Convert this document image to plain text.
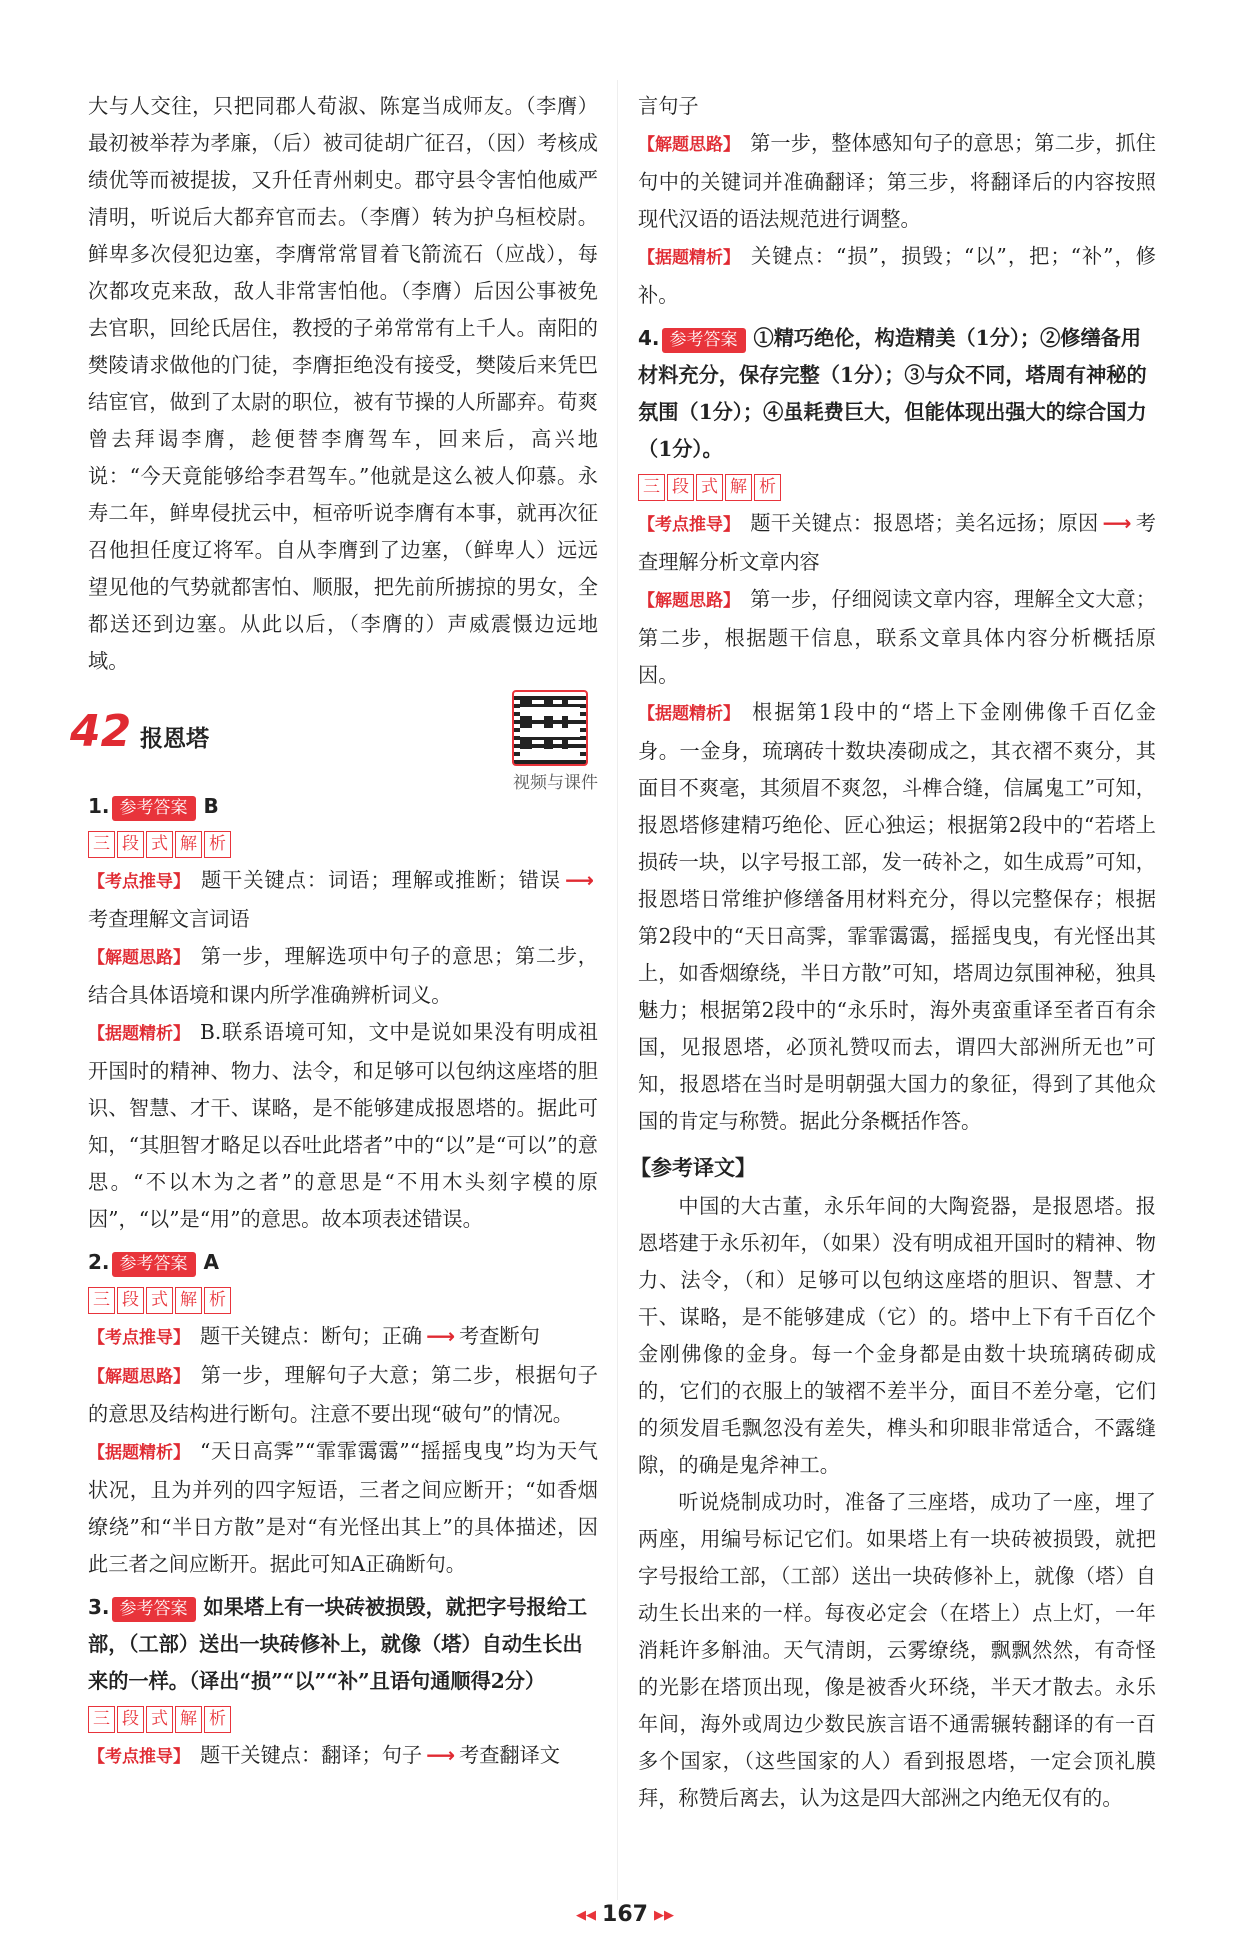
大与人交往，只把同郡人荀淑、陈寔当成师友。（李膺）最初被举荐为孝廉，（后）被司徒胡广征召，（因）考核成绩优等而被提拔，又升任青州刺史。郡守县令害怕他威严清明，听说后大都弃官而去。（李膺）转为护乌桓校尉。鲜卑多次侵犯边塞，李膺常常冒着飞箭流石（应战），每次都攻克来敌，敌人非常害怕他。（李膺）后因公事被免去官职，回纶氏居住，教授的子弟常常有上千人。南阳的樊陵请求做他的门徒，李膺拒绝没有接受，樊陵后来凭巴结宦官，做到了太尉的职位，被有节操的人所鄙弃。荀爽曾去拜谒李膺，趁便替李膺驾车，回来后，高兴地说：“今天竟能够给李君驾车。”他就是这么被人仰慕。永寿二年，鲜卑侵扰云中，桓帝听说李膺有本事，就再次征召他担任度辽将军。自从李膺到了边塞，（鲜卑人）远远望见他的气势就都害怕、顺服，把先前所掳掠的男女，全都送还到边塞。从此以后，（李膺的）声威震慑边远地域。

42 报恩塔
视频与课件
1. 参考答案 B
三 段 式 解 析
【 考点推导 】 题干关键点：词语；理解或推断；错误 ⟶考查理解文言词语
【 解题思路 】 第一步，理解选项中句子的意思；第二步，结合具体语境和课内所学准确辨析词义。
【 据题精析 】 B.联系语境可知，文中是说如果没有明成祖开国时的精神、物力、法令，和足够可以包纳这座塔的胆识、智慧、才干、谋略，是不能够建成报恩塔的。据此可知，“其胆智才略足以吞吐此塔者”中的“以”是“可以”的意思。“不以木为之者”的意思是“不用木头刻字模的原因”，“以”是“用”的意思。故本项表述错误。
2. 参考答案 A
三 段 式 解 析
【 考点推导 】 题干关键点：断句；正确 ⟶ 考查断句
【 解题思路 】 第一步，理解句子大意；第二步，根据句子的意思及结构进行断句。注意不要出现“破句”的情况。
【 据题精析 】 “天日高霁”“霏霏霭霭”“摇摇曳曳”均为天气状况，且为并列的四字短语，三者之间应断开；“如香烟缭绕”和“半日方散”是对“有光怪出其上”的具体描述，因此三者之间应断开。据此可知A正确断句。
3. 参考答案 如果塔上有一块砖被损毁，就把字号报给工部，（工部）送出一块砖修补上，就像（塔）自动生长出来的一样。（译出“损”“以”“补”且语句通顺得2分）
三 段 式 解 析
【 考点推导 】 题干关键点：翻译；句子 ⟶ 考查翻译文

言句子

【 解题思路 】 第一步，整体感知句子的意思；第二步，抓住句中的关键词并准确翻译；第三步，将翻译后的内容按照现代汉语的语法规范进行调整。
【 据题精析 】 关键点：“损”，损毁；“以”，把；“补”，修补。
4. 参考答案 ①精巧绝伦，构造精美（1分）；②修缮备用材料充分，保存完整（1分）；③与众不同，塔周有神秘的氛围（1分）；④虽耗费巨大，但能体现出强大的综合国力（1分）。
三 段 式 解 析
【 考点推导 】 题干关键点：报恩塔；美名远扬；原因 ⟶ 考查理解分析文章内容
【 解题思路 】 第一步，仔细阅读文章内容，理解全文大意；第二步，根据题干信息，联系文章具体内容分析概括原因。
【 据题精析 】 根据第1段中的“塔上下金刚佛像千百亿金身。一金身，琉璃砖十数块凑砌成之，其衣褶不爽分，其面目不爽毫，其须眉不爽忽，斗榫合缝，信属鬼工”可知，报恩塔修建精巧绝伦、匠心独运；根据第2段中的“若塔上损砖一块，以字号报工部，发一砖补之，如生成焉”可知，报恩塔日常维护修缮备用材料充分，得以完整保存；根据第2段中的“天日高霁，霏霏霭霭，摇摇曳曳，有光怪出其上，如香烟缭绕，半日方散”可知，塔周边氛围神秘，独具魅力；根据第2段中的“永乐时，海外夷蛮重译至者百有余国，见报恩塔，必顶礼赞叹而去，谓四大部洲所无也”可知，报恩塔在当时是明朝强大国力的象征，得到了其他众国的肯定与称赞。据此分条概括作答。
【参考译文】

中国的大古董，永乐年间的大陶瓷器，是报恩塔。报恩塔建于永乐初年，（如果）没有明成祖开国时的精神、物力、法令，（和）足够可以包纳这座塔的胆识、智慧、才干、谋略，是不能够建成（它）的。塔中上下有千百亿个金刚佛像的金身。每一个金身都是由数十块琉璃砖砌成的，它们的衣服上的皱褶不差半分，面目不差分毫，它们的须发眉毛飘忽没有差失，榫头和卯眼非常适合，不露缝隙，的确是鬼斧神工。

听说烧制成功时，准备了三座塔，成功了一座，埋了两座，用编号标记它们。如果塔上有一块砖被损毁，就把字号报给工部，（工部）送出一块砖修补上，就像（塔）自动生长出来的一样。每夜必定会（在塔上）点上灯，一年消耗许多斛油。天气清朗，云雾缭绕，飘飘然然，有奇怪的光影在塔顶出现，像是被香火环绕，半天才散去。永乐年间，海外或周边少数民族言语不通需辗转翻译的有一百多个国家，（这些国家的人）看到报恩塔，一定会顶礼膜拜，称赞后离去，认为这是四大部洲之内绝无仅有的。

◀◀ 167 ▶▶
